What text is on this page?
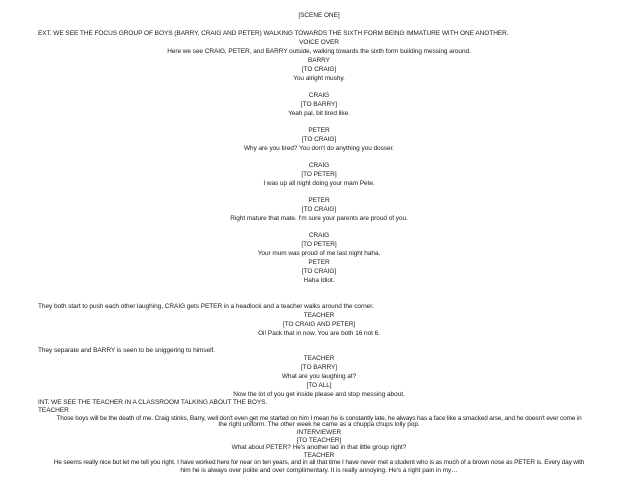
[SCENE ONE]
EXT. WE SEE THE FOCUS GROUP OF BOYS (BARRY, CRAIG AND PETER) WALKING TOWARDS THE SIXTH FORM BEING IMMATURE WITH ONE ANOTHER.
VOICE OVER
Here we see CRAIG, PETER, and BARRY outside, walking towards the sixth form building messing around.
BARRY
[TO CRAIG]
You alright mushy.
CRAIG
[TO BARRY]
Yeah pal, bit tired like.
PETER
[TO CRAIG]
Why are you tired? You don't do anything you dosser.
CRAIG
[TO PETER]
I was up all night doing your mam Pete.
PETER
[TO CRAIG]
Right mature that mate. I'm sure your parents are proud of you.
CRAIG
[TO PETER]
Your mum was proud of me last night haha.
PETER
[TO CRAIG]
Haha Idiot.
They both start to push each other laughing, CRAIG gets PETER in a headlock and a teacher walks around the corner.
TEACHER
[TO CRAIG AND PETER]
Oi! Pack that in now. You are both 16 not 6.
They separate and BARRY is seen to be sniggering to himself.
TEACHER
[TO BARRY]
What are you laughing at?
[TO ALL]
Now the lot of you get inside please and stop messing about.
INT. WE SEE THE TEACHER IN A CLASSROOM TALKING ABOUT THE BOYS.
TEACHER
Those boys will be the death of me. Craig stinks, Barry, well don't even get me started on him I mean he is constantly late, he always has a face like a smacked arse, and he doesn't ever come in
the right uniform. The other week he came as a chuppa chups lolly pop.
INTERVIEWER
[TO TEACHER]
What about PETER? He's another lad in that little group right?
TEACHER
He seems really nice but let me tell you right. I have worked here for near on ten years, and in all that time I have never met a student who is as much of a brown nose as PETER is. Every day with
him he is always over polite and over complimentary. It is really annoying. He's a right pain in my…
